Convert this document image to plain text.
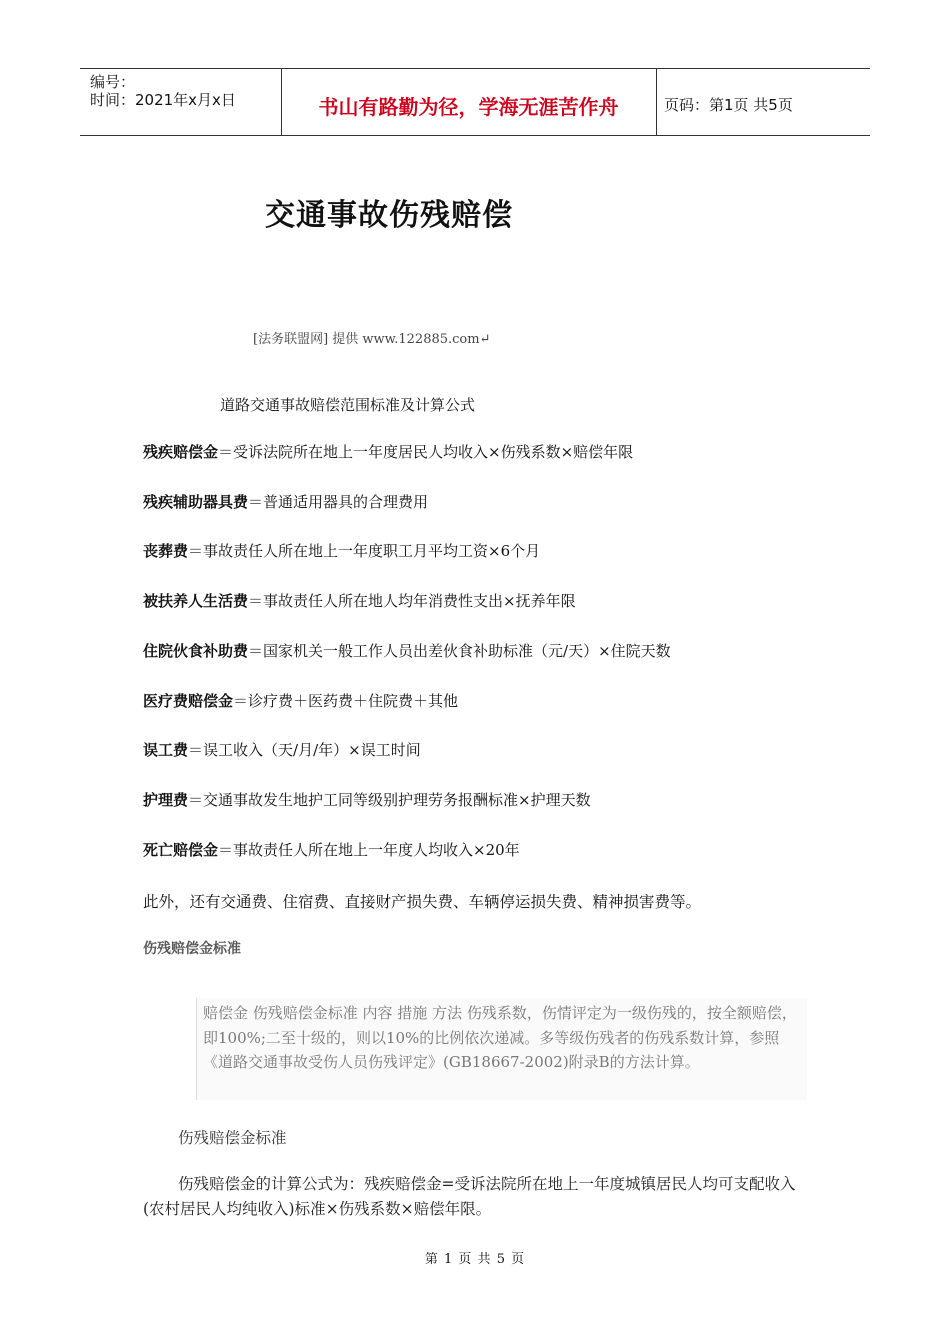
编号：
时间：2021年x月x日	书山有路勤为径，学海无涯苦作舟	页码：第1页 共5页
交通事故伤残赔偿
[法务联盟网] 提供 www.122885.com↵
道路交通事故赔偿范围标准及计算公式
残疾赔偿金＝受诉法院所在地上一年度居民人均收入×伤残系数×赔偿年限
残疾辅助器具费＝普通适用器具的合理费用
丧葬费＝事故责任人所在地上一年度职工月平均工资×6个月
被扶养人生活费＝事故责任人所在地人均年消费性支出×抚养年限
住院伙食补助费＝国家机关一般工作人员出差伙食补助标准（元/天）×住院天数
医疗费赔偿金＝诊疗费＋医药费＋住院费＋其他
误工费＝误工收入（天/月/年）×误工时间
护理费＝交通事故发生地护工同等级别护理劳务报酬标准×护理天数
死亡赔偿金＝事故责任人所在地上一年度人均收入×20年
此外，还有交通费、住宿费、直接财产损失费、车辆停运损失费、精神损害费等。
伤残赔偿金标准
赔偿金 伤残赔偿金标准 内容 措施 方法 伤残系数，伤情评定为一级伤残的，按全额赔偿，即100%;二至十级的，则以10%的比例依次递减。多等级伤残者的伤残系数计算，参照《道路交通事故受伤人员伤残评定》(GB18667-2002)附录B的方法计算。
伤残赔偿金标准
伤残赔偿金的计算公式为：残疾赔偿金=受诉法院所在地上一年度城镇居民人均可支配收入(农村居民人均纯收入)标准×伤残系数×赔偿年限。
第 1 页 共 5 页
